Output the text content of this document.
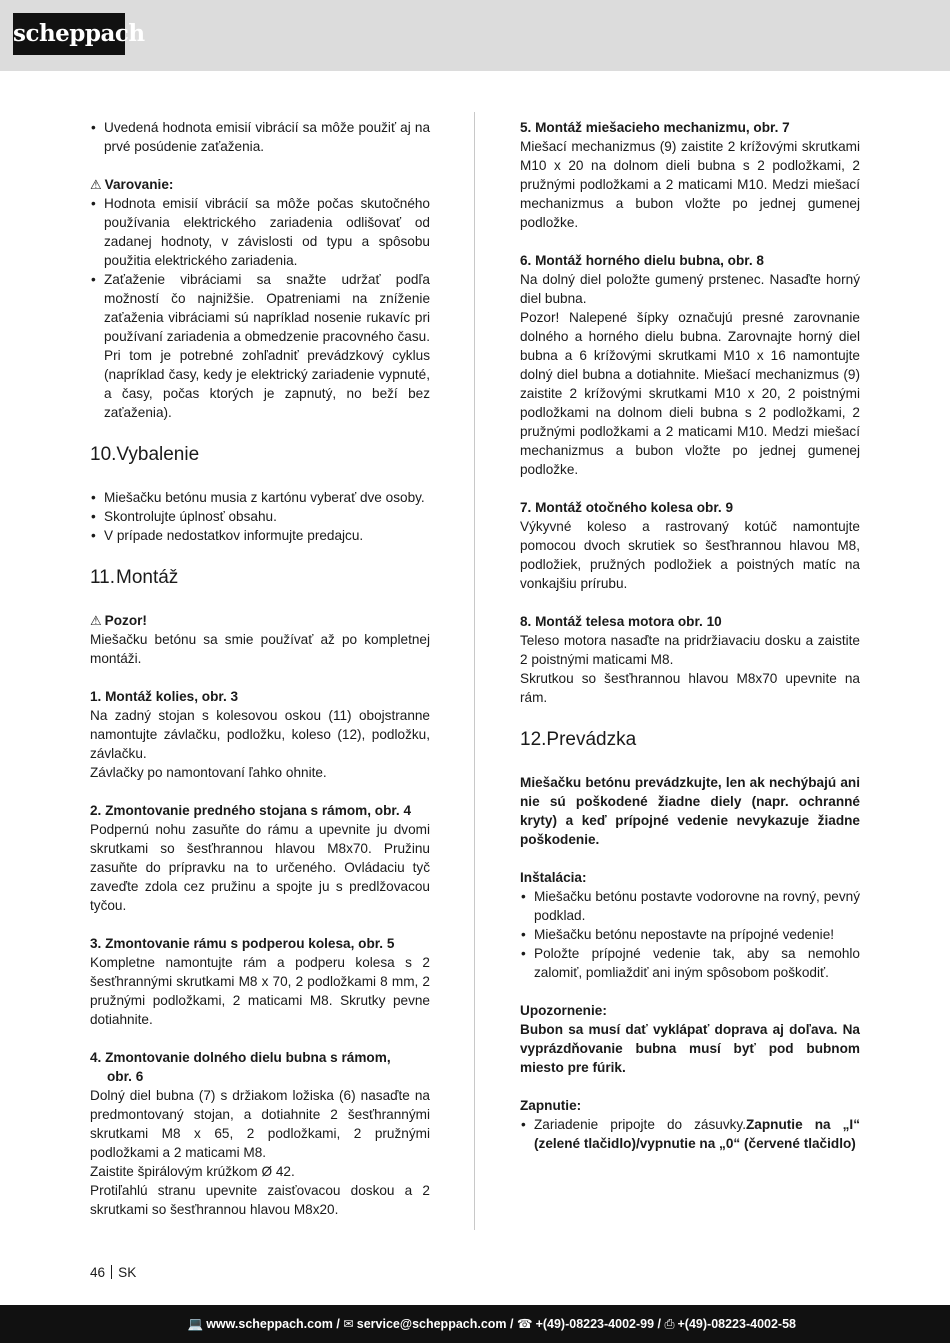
scheppach
• Uvedená hodnota emisií vibrácií sa môže použiť aj na prvé posúdenie zaťaženia.

⚠ Varovanie:

• Hodnota emisií vibrácií sa môže počas skutočného používania elektrického zariadenia odlišovať od zadanej hodnoty, v závislosti od typu a spôsobu použitia elektrického zariadenia.
• Zaťaženie vibráciami sa snažte udržať podľa možností čo najnižšie. Opatreniami na zníženie zaťaženia vibráciami sú napríklad nosenie rukavíc pri používaní zariadenia a obmedzenie pracovného času. Pri tom je potrebné zohľadniť prevádzkový cyklus (napríklad časy, kedy je elektrický zariadenie vypnuté, a časy, počas ktorých je zapnutý, no beží bez zaťaženia).
10.Vybalenie
• Miešačku betónu musia z kartónu vyberať dve osoby.
• Skontrolujte úplnosť obsahu.
• V prípade nedostatkov informujte predajcu.
11.Montáž

⚠ Pozor!

Miešačku betónu sa smie používať až po kompletnej montáži.

1. Montáž kolies, obr. 3

Na zadný stojan s kolesovou oskou (11) obojstranne namontujte závlačku, podložku, koleso (12), podložku, závlačku.

Závlačky po namontovaní ľahko ohnite.

2. Zmontovanie predného stojana s rámom, obr. 4

Podpernú nohu zasuňte do rámu a upevnite ju dvomi skrutkami so šesťhrannou hlavou M8x70. Pružinu zasuňte do prípravku na to určeného. Ovládaciu tyč zaveďte zdola cez pružinu a spojte ju s predlžovacou tyčou.

3. Zmontovanie rámu s podperou kolesa, obr. 5

Kompletne namontujte rám a podperu kolesa s 2 šesťhrannými skrutkami M8 x 70, 2 podložkami 8 mm, 2 pružnými podložkami, 2 maticami M8. Skrutky pevne dotiahnite.

4. Zmontovanie dolného dielu bubna s rámom,
obr. 6

Dolný diel bubna (7) s držiakom ložiska (6) nasaďte na predmontovaný stojan, a dotiahnite 2 šesťhrannými skrutkami M8 x 65, 2 podložkami, 2 pružnými podložkami a 2 maticami M8.

Zaistite špirálovým krúžkom Ø 42.

Protiľahlú stranu upevnite zaisťovacou doskou a 2 skrutkami so šesťhrannou hlavou M8x20.

5. Montáž miešacieho mechanizmu, obr. 7

Miešací mechanizmus (9) zaistite 2 krížovými skrutkami M10 x 20 na dolnom dieli bubna s 2 podložkami, 2 pružnými podložkami a 2 maticami M10. Medzi miešací mechanizmus a bubon vložte po jednej gumenej podložke.

6. Montáž horného dielu bubna, obr. 8

Na dolný diel položte gumený prstenec. Nasaďte horný diel bubna.

Pozor! Nalepené šípky označujú presné zarovnanie dolného a horného dielu bubna. Zarovnajte horný diel bubna a 6 krížovými skrutkami M10 x 16 namontujte dolný diel bubna a dotiahnite. Miešací mechanizmus (9) zaistite 2 krížovými skrutkami M10 x 20, 2 poistnými podložkami na dolnom dieli bubna s 2 podložkami, 2 pružnými podložkami a 2 maticami M10. Medzi miešací mechanizmus a bubon vložte po jednej gumenej podložke.

7. Montáž otočného kolesa obr. 9

Výkyvné koleso a rastrovaný kotúč namontujte pomocou dvoch skrutiek so šesťhrannou hlavou M8, podložiek, pružných podložiek a poistných matíc na vonkajšiu prírubu.

8. Montáž telesa motora obr. 10

Teleso motora nasaďte na pridržiavaciu dosku a zaistite 2 poistnými maticami M8.

Skrutkou so šesťhrannou hlavou M8x70 upevnite na rám.

12.Prevádzka

Miešačku betónu prevádzkujte, len ak nechýbajú ani nie sú poškodené žiadne diely (napr. ochranné kryty) a keď prípojné vedenie nevykazuje žiadne poškodenie.

Inštalácia:

• Miešačku betónu postavte vodorovne na rovný, pevný podklad.
• Miešačku betónu nepostavte na prípojné vedenie!
• Položte prípojné vedenie tak, aby sa nemohlo zalomiť, pomliaždiť ani iným spôsobom poškodiť.

Upozornenie:

Bubon sa musí dať vyklápať doprava aj doľava. Na vyprázdňovanie bubna musí byť pod bubnom miesto pre fúrik.

Zapnutie:

• Zariadenie pripojte do zásuvky.Zapnutie na „I“ (zelené tlačidlo)/vypnutie na „0“ (červené tlačidlo)
46 SK
💻 www.scheppach.com / ✉ service@scheppach.com / ☎ +(49)-08223-4002-99 / ⎙ +(49)-08223-4002-58
